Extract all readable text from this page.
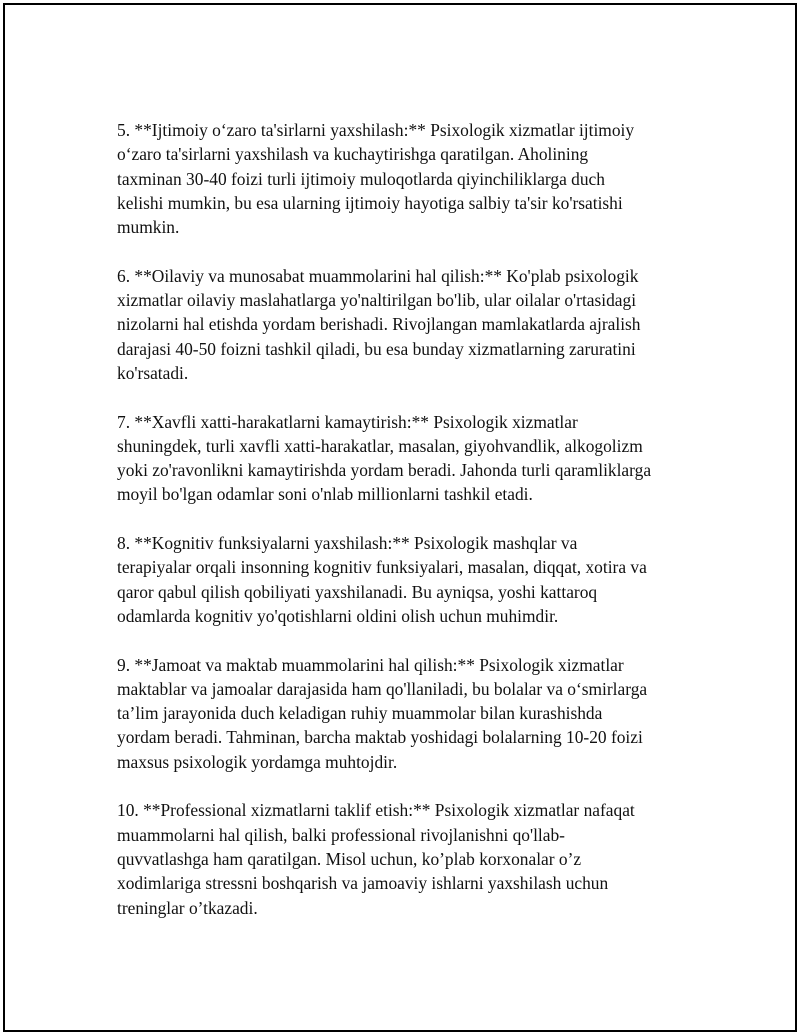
5. **Ijtimoiy o‘zaro ta'sirlarni yaxshilash:** Psixologik xizmatlar ijtimoiy
o‘zaro ta'sirlarni yaxshilash va kuchaytirishga qaratilgan. Aholining
taxminan 30-40 foizi turli ijtimoiy muloqotlarda qiyinchiliklarga duch
kelishi mumkin, bu esa ularning ijtimoiy hayotiga salbiy ta'sir ko'rsatishi
mumkin.

6. **Oilaviy va munosabat muammolarini hal qilish:** Ko'plab psixologik
xizmatlar oilaviy maslahatlarga yo'naltirilgan bo'lib, ular oilalar o'rtasidagi
nizolarni hal etishda yordam berishadi. Rivojlangan mamlakatlarda ajralish
darajasi 40-50 foizni tashkil qiladi, bu esa bunday xizmatlarning zaruratini
ko'rsatadi.

7. **Xavfli xatti-harakatlarni kamaytirish:** Psixologik xizmatlar
shuningdek, turli xavfli xatti-harakatlar, masalan, giyohvandlik, alkogolizm
yoki zo'ravonlikni kamaytirishda yordam beradi. Jahonda turli qaramliklarga
moyil bo'lgan odamlar soni o'nlab millionlarni tashkil etadi.

8. **Kognitiv funksiyalarni yaxshilash:** Psixologik mashqlar va
terapiyalar orqali insonning kognitiv funksiyalari, masalan, diqqat, xotira va
qaror qabul qilish qobiliyati yaxshilanadi. Bu ayniqsa, yoshi kattaroq
odamlarda kognitiv yo'qotishlarni oldini olish uchun muhimdir.

9. **Jamoat va maktab muammolarini hal qilish:** Psixologik xizmatlar
maktablar va jamoalar darajasida ham qo'llaniladi, bu bolalar va o‘smirlarga
ta’lim jarayonida duch keladigan ruhiy muammolar bilan kurashishda
yordam beradi. Tahminan, barcha maktab yoshidagi bolalarning 10-20 foizi
maxsus psixologik yordamga muhtojdir.

10. **Professional xizmatlarni taklif etish:** Psixologik xizmatlar nafaqat
muammolarni hal qilish, balki professional rivojlanishni qo'llab-
quvvatlashga ham qaratilgan. Misol uchun, ko’plab korxonalar o’z
xodimlariga stressni boshqarish va jamoaviy ishlarni yaxshilash uchun
treninglar o’tkazadi.
